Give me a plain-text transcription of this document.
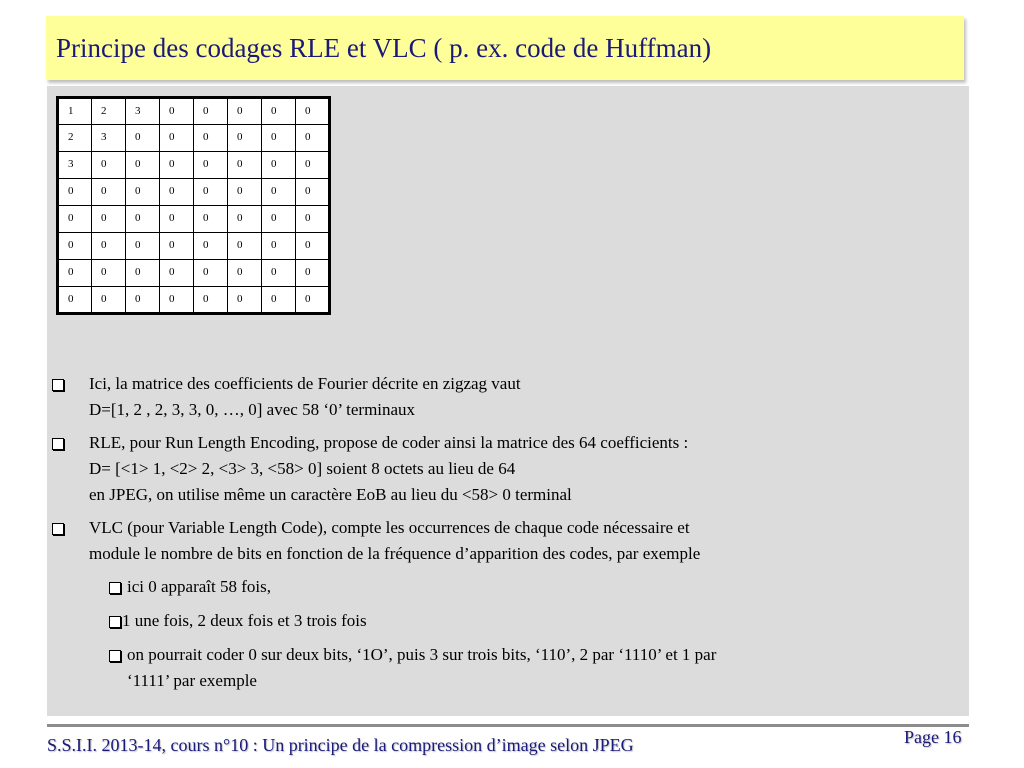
Principe des codages RLE et VLC ( p. ex. code de Huffman)
1	2	3	0	0	0	0	0
2	3	0	0	0	0	0	0
3	0	0	0	0	0	0	0
0	0	0	0	0	0	0	0
0	0	0	0	0	0	0	0
0	0	0	0	0	0	0	0
0	0	0	0	0	0	0	0
0	0	0	0	0	0	0	0

Ici, la matrice des coefficients de Fourier décrite en zigzag vaut

D=[1, 2 , 2, 3, 3, 0, …, 0] avec 58 ‘0’ terminaux

RLE, pour Run Length Encoding, propose de coder ainsi la matrice des 64 coefficients :

D= [<1> 1, <2> 2, <3> 3, <58> 0] soient 8 octets au lieu de 64

en JPEG, on utilise même un caractère EoB au lieu du <58> 0 terminal

VLC (pour Variable Length Code), compte les occurrences de chaque code nécessaire et

module le nombre de bits en fonction de la fréquence d’apparition des codes, par exemple

ici 0 apparaît 58 fois,

1 une fois, 2 deux fois et 3 trois fois

on pourrait coder 0 sur deux bits, ‘1O’, puis 3 sur trois bits, ‘110’, 2 par ‘1110’ et 1 par

‘1111’ par exemple

S.S.I.I. 2013-14, cours n°10 : Un principe de la compression d’image selon JPEG	Page 16
